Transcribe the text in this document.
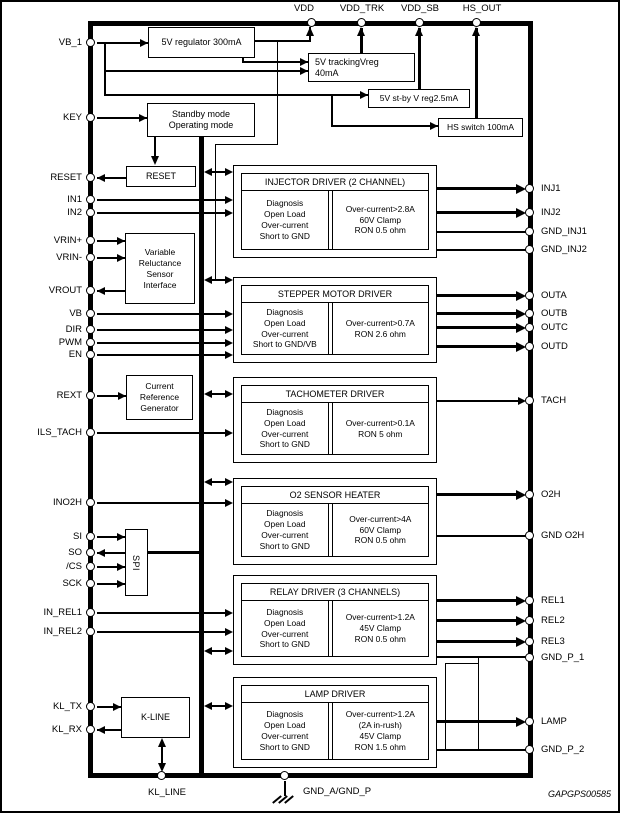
5V regulator 300mA
5V trackingVreg
40mA
5V st-by V reg2.5mA
HS switch 100mA
Standby mode
Operating mode
RESET
Variable
Reluctance
Sensor
Interface
Current
Reference
Generator
SPI
K-LINE
INJECTOR DRIVER (2 CHANNEL)
Diagnosis
Open Load
Over-current
Short to GND
Over-current>2.8A
60V Clamp
RON 0.5 ohm
STEPPER MOTOR DRIVER
Diagnosis
Open Load
Over-current
Short to GND/VB
Over-current>0.7A
RON 2.6 ohm
TACHOMETER DRIVER
Diagnosis
Open Load
Over-current
Short to GND
Over-current>0.1A
RON 5 ohm
O2 SENSOR HEATER
Diagnosis
Open Load
Over-current
Short to GND
Over-current>4A
60V Clamp
RON 0.5 ohm
RELAY DRIVER (3 CHANNELS)
Diagnosis
Open Load
Over-current
Short to GND
Over-current>1.2A
45V Clamp
RON 0.5 ohm
LAMP DRIVER
Diagnosis
Open Load
Over-current
Short to GND
Over-current>1.2A
(2A in-rush)
45V Clamp
RON 1.5 ohm
VDD	VDD_TRK	VDD_SB	HS_OUT
VB_1
KEY
RESET
IN1
IN2
VRIN+
VRIN-
VROUT
VB
DIR
PWM
EN
REXT
ILS_TACH
INO2H
SI
SO
/CS
SCK
IN_REL1
IN_REL2
KL_TX
KL_RX
INJ1
INJ2
GND_INJ1
GND_INJ2
OUTA
OUTB
OUTC
OUTD
TACH
O2H
GND O2H
REL1
REL2
REL3
GND_P_1
LAMP
GND_P_2
KL_LINE	GND_A/GND_P	GAPGPS00585
